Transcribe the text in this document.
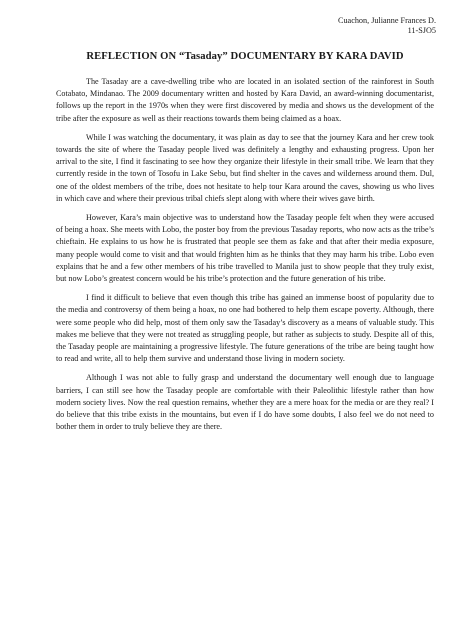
Cuachon, Julianne Frances D.
11-SJO5
REFLECTION ON “Tasaday” DOCUMENTARY BY KARA DAVID

The Tasaday are a cave-dwelling tribe who are located in an isolated section of the rainforest in South Cotabato, Mindanao. The 2009 documentary written and hosted by Kara David, an award-winning documentarist, follows up the report in the 1970s when they were first discovered by media and shows us the development of the tribe after the exposure as well as their reactions towards them being claimed as a hoax.

While I was watching the documentary, it was plain as day to see that the journey Kara and her crew took towards the site of where the Tasaday people lived was definitely a lengthy and exhausting progress. Upon her arrival to the site, I find it fascinating to see how they organize their lifestyle in their small tribe. We learn that they currently reside in the town of Tosofu in Lake Sebu, but find shelter in the caves and wilderness around them. Dul, one of the oldest members of the tribe, does not hesitate to help tour Kara around the caves, showing us who lives in which cave and where their previous tribal chiefs slept along with where their wives gave birth.

However, Kara’s main objective was to understand how the Tasaday people felt when they were accused of being a hoax. She meets with Lobo, the poster boy from the previous Tasaday reports, who now acts as the tribe’s chieftain. He explains to us how he is frustrated that people see them as fake and that after their media exposure, many people would come to visit and that would frighten him as he thinks that they may harm his tribe. Lobo even explains that he and a few other members of his tribe travelled to Manila just to show people that they truly exist, but now Lobo’s greatest concern would be his tribe’s protection and the future generation of his tribe.

I find it difficult to believe that even though this tribe has gained an immense boost of popularity due to the media and controversy of them being a hoax, no one had bothered to help them escape poverty. Although, there were some people who did help, most of them only saw the Tasaday’s discovery as a means of valuable study. This makes me believe that they were not treated as struggling people, but rather as subjects to study. Despite all of this, the Tasaday people are maintaining a progressive lifestyle. The future generations of the tribe are being taught how to read and write, all to help them survive and understand those living in modern society.

Although I was not able to fully grasp and understand the documentary well enough due to language barriers, I can still see how the Tasaday people are comfortable with their Paleolithic lifestyle rather than how modern society lives. Now the real question remains, whether they are a mere hoax for the media or are they real? I do believe that this tribe exists in the mountains, but even if I do have some doubts, I also feel we do not need to bother them in order to truly believe they are there.
